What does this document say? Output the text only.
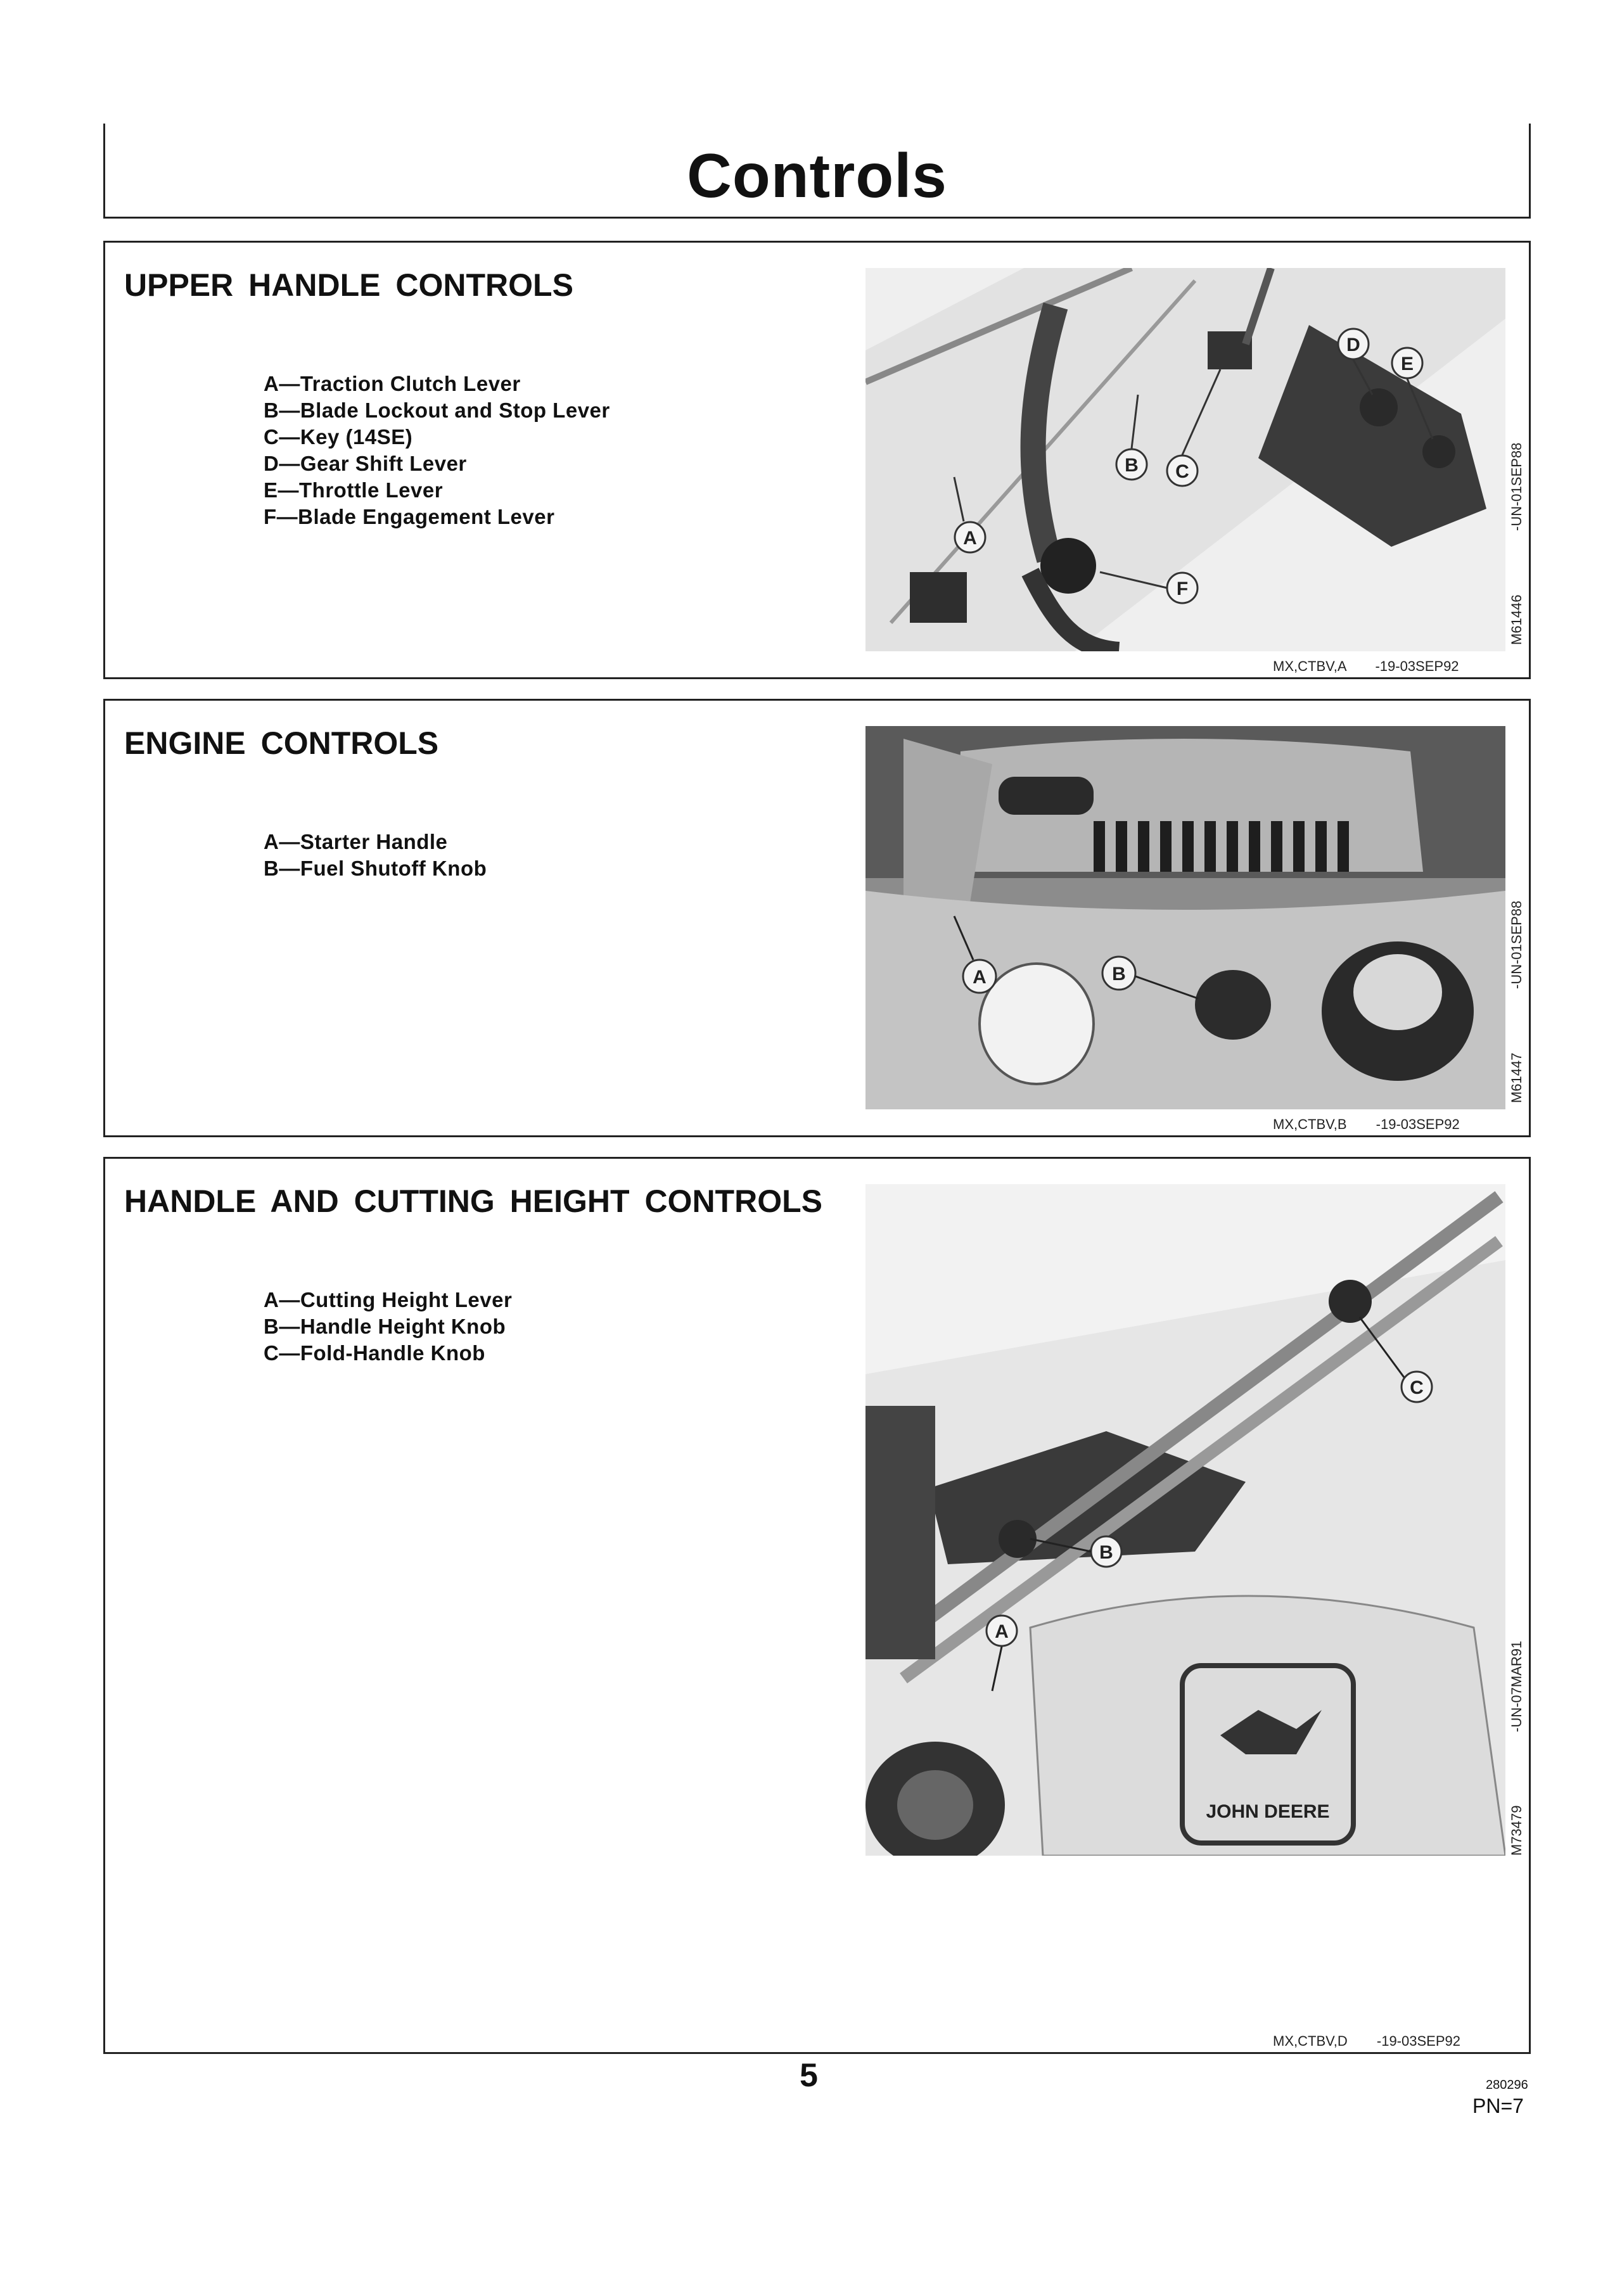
Controls
UPPER HANDLE CONTROLS
A—Traction Clutch Lever
B—Blade Lockout and Stop Lever
C—Key (14SE)
D—Gear Shift Lever
E—Throttle Lever
F—Blade Engagement Lever
A
B C
D
E
F
M61446
-UN-01SEP88
MX,CTBV,A -19-03SEP92
ENGINE CONTROLS
A—Starter Handle
B—Fuel Shutoff Knob
A	B
M61447
-UN-01SEP88
MX,CTBV,B -19-03SEP92
HANDLE AND CUTTING HEIGHT CONTROLS
A—Cutting Height Lever
B—Handle Height Knob
C—Fold-Handle Knob
JOHN DEERE
A
B
C
M73479
-UN-07MAR91
MX,CTBV,D -19-03SEP92
5	280296
PN=7
